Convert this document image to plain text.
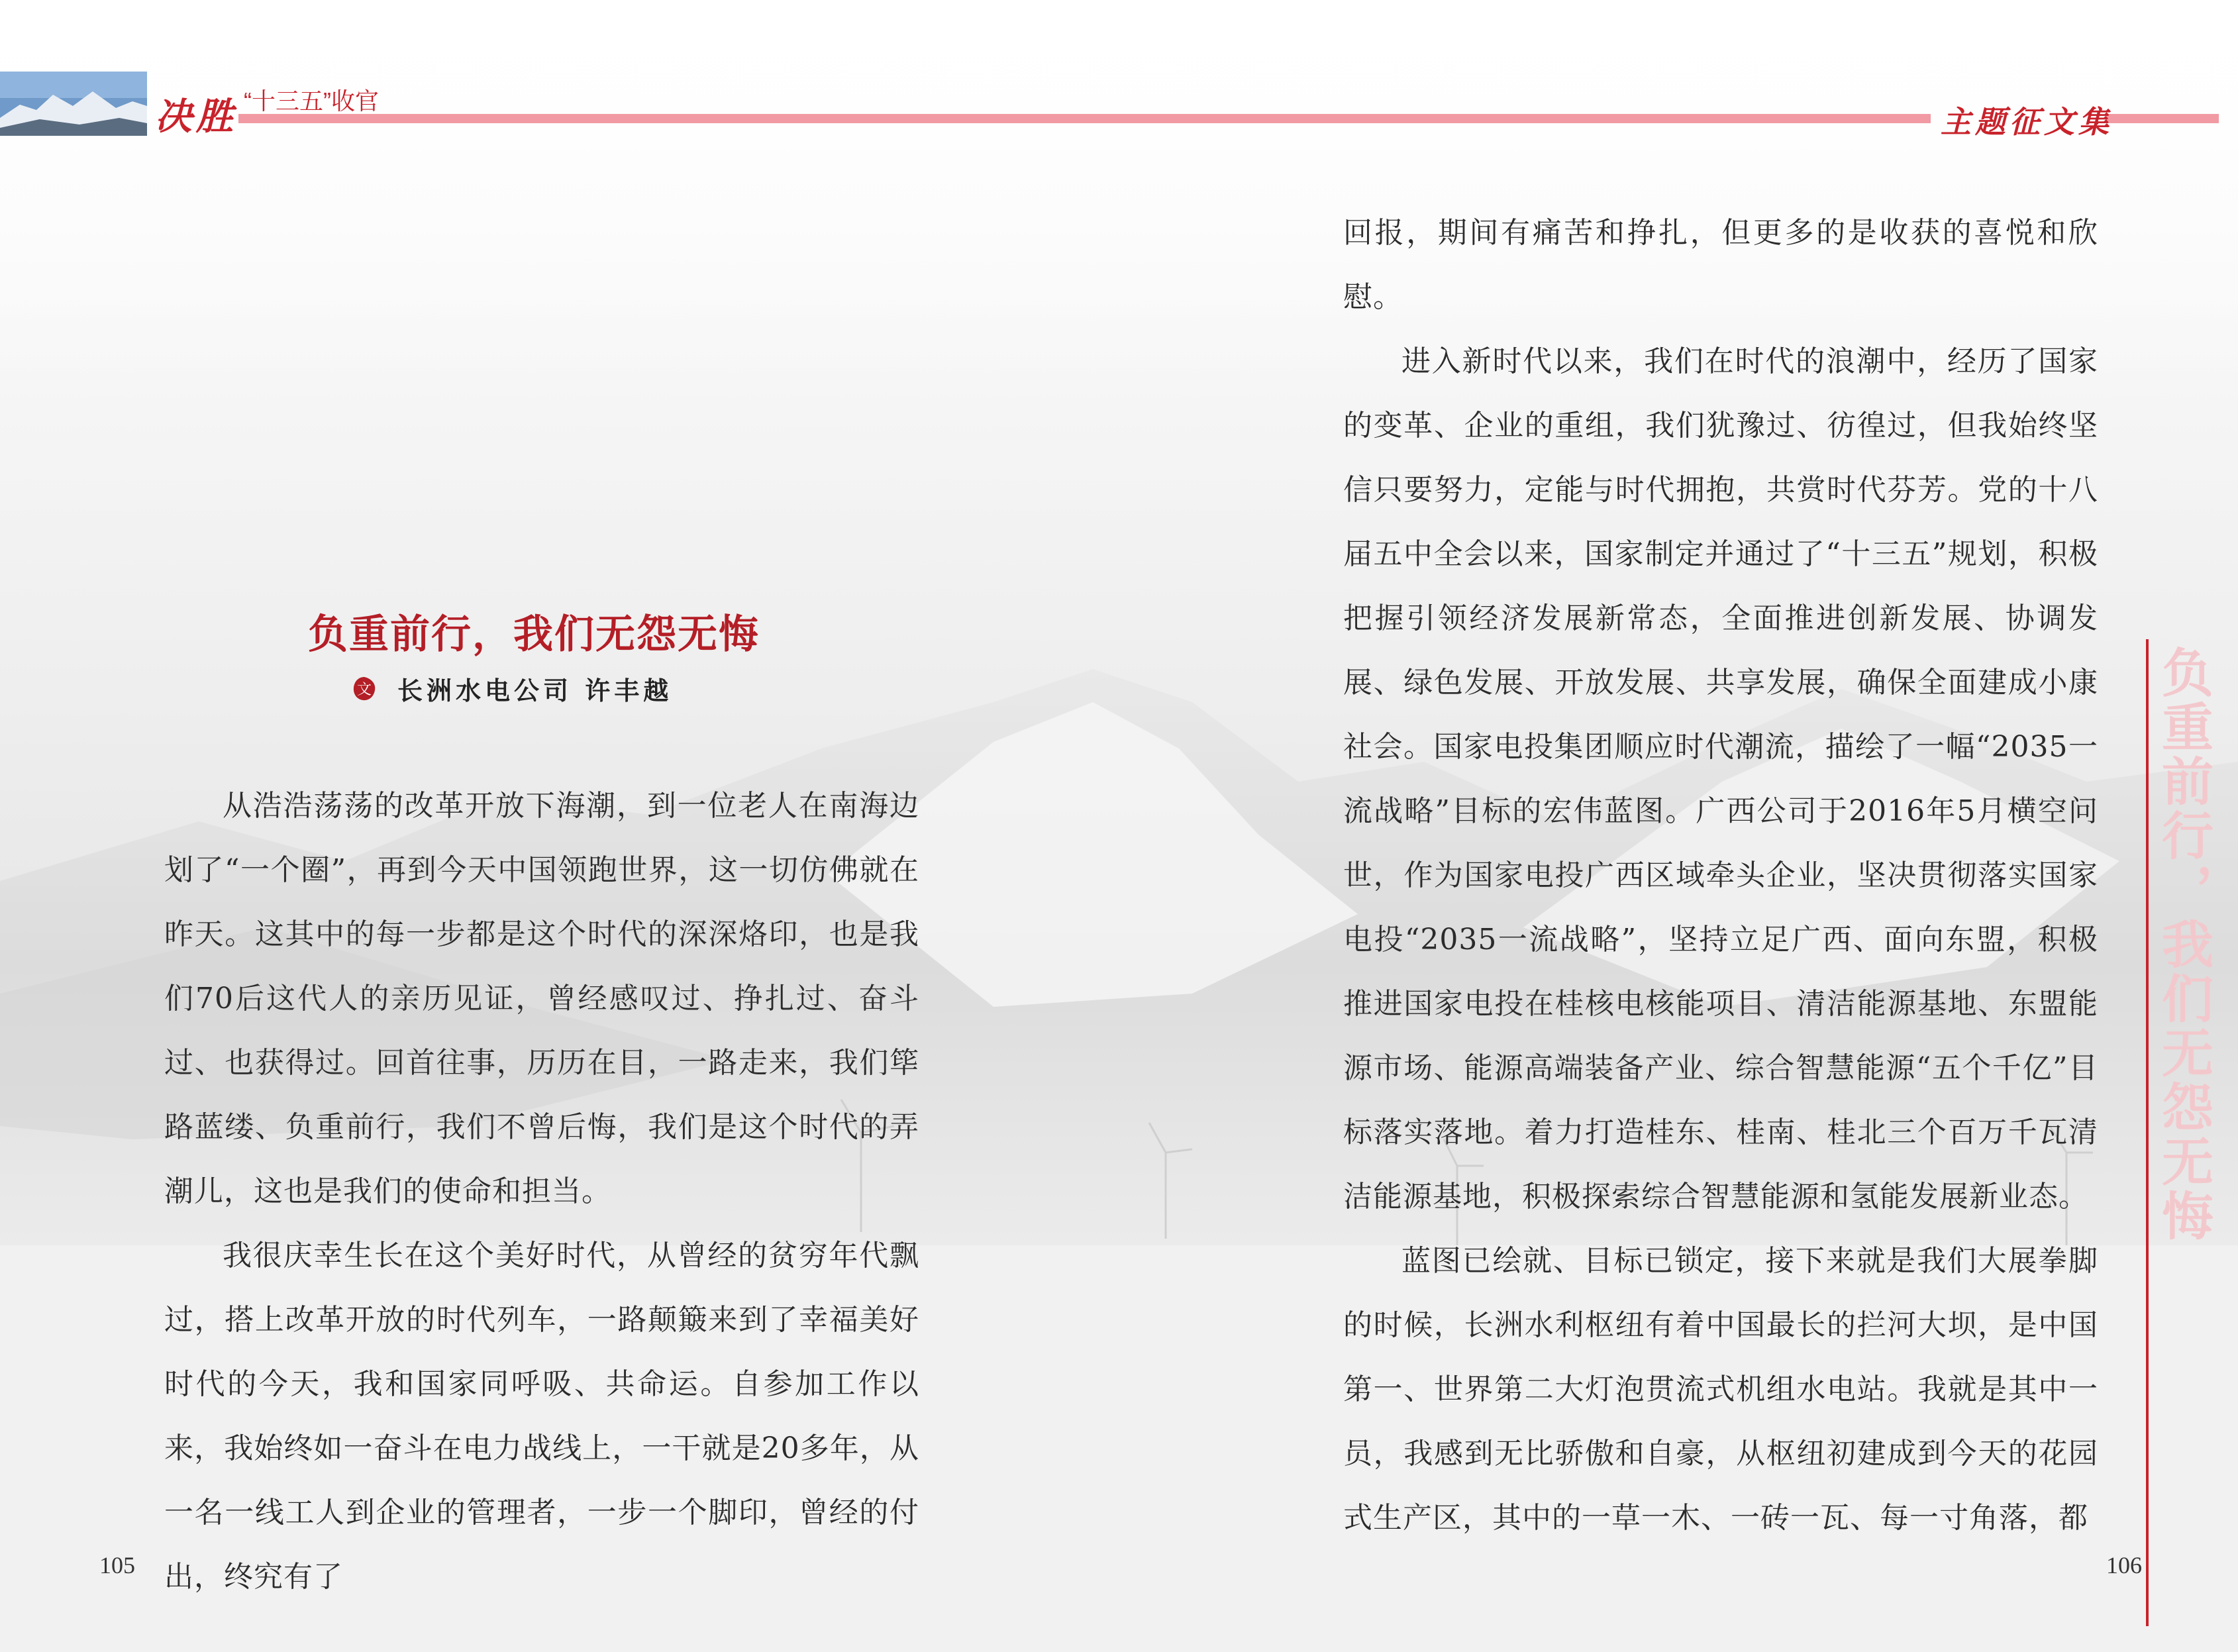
决胜 “十三五”收官
主题征文集
负重前行，我们无怨无悔
文 长洲水电公司 许丰越

从浩浩荡荡的改革开放下海潮，到一位老人在南海边划了“一个圈”，再到今天中国领跑世界，这一切仿佛就在昨天。这其中的每一步都是这个时代的深深烙印，也是我们70后这代人的亲历见证，曾经感叹过、挣扎过、奋斗过、也获得过。回首往事，历历在目，一路走来，我们筚路蓝缕、负重前行，我们不曾后悔，我们是这个时代的弄潮儿，这也是我们的使命和担当。

我很庆幸生长在这个美好时代，从曾经的贫穷年代飘过，搭上改革开放的时代列车，一路颠簸来到了幸福美好时代的今天，我和国家同呼吸、共命运。自参加工作以来，我始终如一奋斗在电力战线上，一干就是20多年，从一名一线工人到企业的管理者，一步一个脚印，曾经的付出，终究有了

回报，期间有痛苦和挣扎，但更多的是收获的喜悦和欣慰。

进入新时代以来，我们在时代的浪潮中，经历了国家的变革、企业的重组，我们犹豫过、彷徨过，但我始终坚信只要努力，定能与时代拥抱，共赏时代芬芳。党的十八届五中全会以来，国家制定并通过了“十三五”规划，积极把握引领经济发展新常态，全面推进创新发展、协调发展、绿色发展、开放发展、共享发展，确保全面建成小康社会。国家电投集团顺应时代潮流，描绘了一幅“2035一流战略”目标的宏伟蓝图。广西公司于2016年5月横空问世，作为国家电投广西区域牵头企业，坚决贯彻落实国家电投“2035一流战略”，坚持立足广西、面向东盟，积极推进国家电投在桂核电核能项目、清洁能源基地、东盟能源市场、能源高端装备产业、综合智慧能源“五个千亿”目标落实落地。着力打造桂东、桂南、桂北三个百万千瓦清洁能源基地，积极探索综合智慧能源和氢能发展新业态。

蓝图已绘就、目标已锁定，接下来就是我们大展拳脚的时候，长洲水利枢纽有着中国最长的拦河大坝，是中国第一、世界第二大灯泡贯流式机组水电站。我就是其中一员，我感到无比骄傲和自豪，从枢纽初建成到今天的花园式生产区，其中的一草一木、一砖一瓦、每一寸角落，都

105	106
负重前行，我们无怨无悔
